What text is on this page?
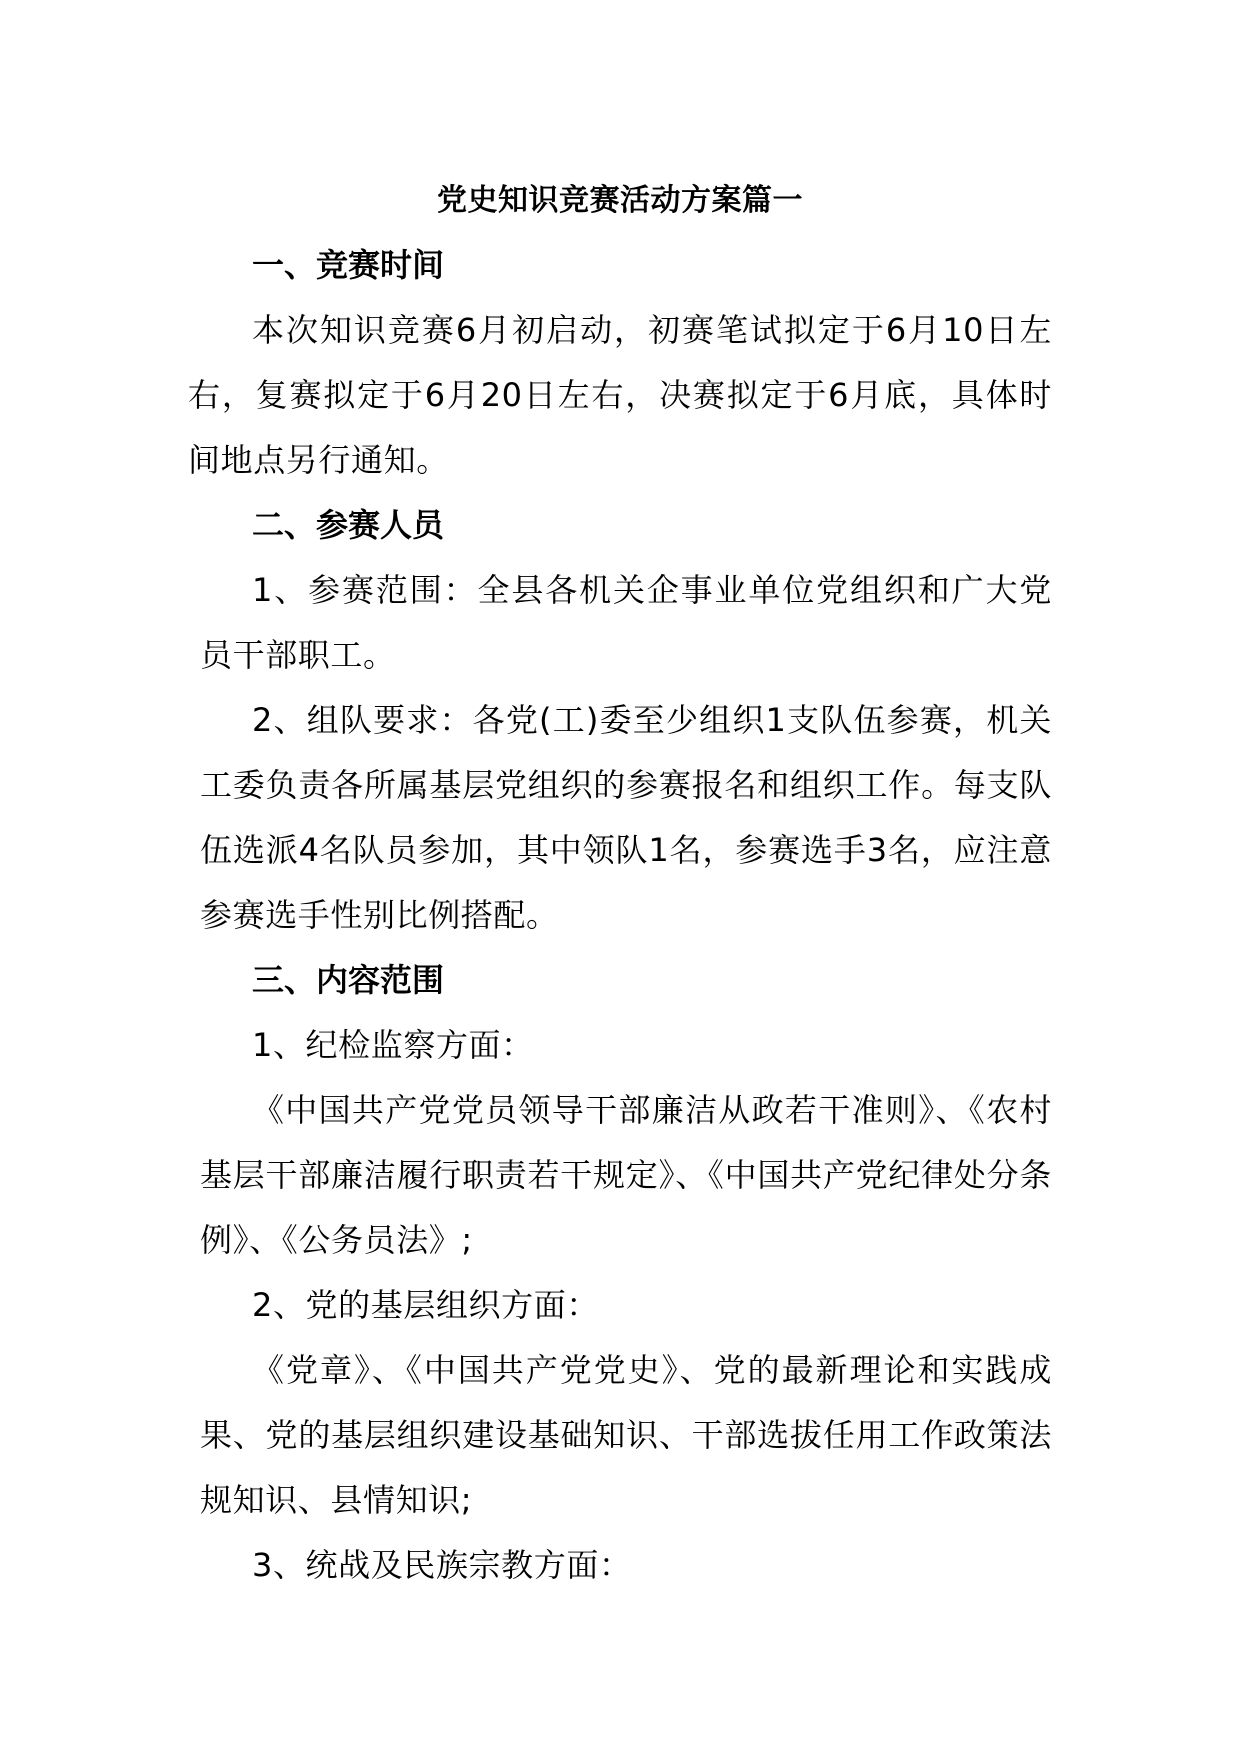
党史知识竞赛活动方案篇一
一、竞赛时间

本次知识竞赛6月初启动，初赛笔试拟定于6月10日左右，复赛拟定于6月20日左右，决赛拟定于6月底，具体时间地点另行通知。

二、参赛人员

1、参赛范围：全县各机关企事业单位党组织和广大党员干部职工。

2、组队要求：各党(工)委至少组织1支队伍参赛，机关工委负责各所属基层党组织的参赛报名和组织工作。每支队伍选派4名队员参加，其中领队1名，参赛选手3名，应注意参赛选手性别比例搭配。

三、内容范围

1、纪检监察方面：

《中国共产党党员领导干部廉洁从政若干准则》、《农村基层干部廉洁履行职责若干规定》、《中国共产党纪律处分条例》、《公务员法》;

2、党的基层组织方面：

《党章》、《中国共产党党史》、党的最新理论和实践成果、党的基层组织建设基础知识、干部选拔任用工作政策法规知识、县情知识;

3、统战及民族宗教方面：
